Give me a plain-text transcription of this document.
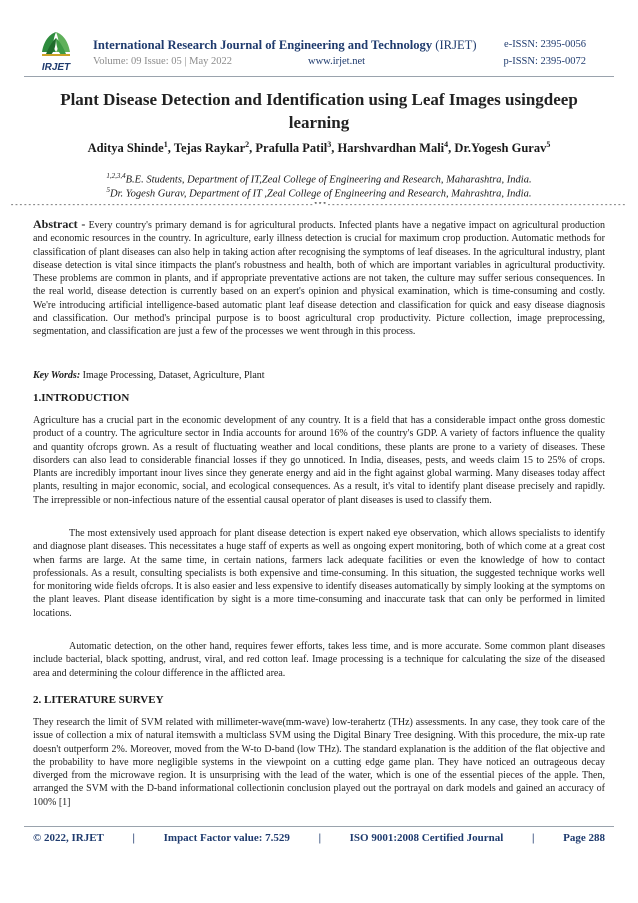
IRJET
International Research Journal of Engineering and Technology (IRJET)	e-ISSN: 2395-0056
Volume: 09 Issue: 05 | May 2022	www.irjet.net	p-ISSN: 2395-0072
Plant Disease Detection and Identification using Leaf Images usingdeep learning
Aditya Shinde$^1$, Tejas Raykar$^2$, Prafulla Patil$^3$, Harshvardhan Mali$^4$, Dr.Yogesh Gurav$^5$
$^{1,2,3,4}$B.E. Students, Department of IT,Zeal College of Engineering and Research, Maharashtra, India.
$^5$Dr. Yogesh Gurav, Department of IT ,Zeal College of Engineering and Research, Mahrashtra, India.
---------------------------------------------------------------------***--------------------------------------------------------------------
Abstract - Every country's primary demand is for agricultural products. Infected plants have a negative impact on agricultural production and economic resources in the country. In agriculture, early illness detection is crucial for maximum crop production. Automatic methods for classification of plant diseases can also help in taking action after recognising the symptoms of leaf diseases. In the agricultural industry, plant disease detection is vital since itimpacts the plant's robustness and health, both of which are important variables in agricultural productivity. These problems are common in plants, and if appropriate preventative actions are not taken, the culture may suffer serious consequences. In the real world, disease detection is currently based on an expert's opinion and physical examination, which is time-consuming and costly. We're introducing artificial intelligence-based automatic plant leaf disease detection and classification for quick and easy disease diagnosis and classification. Our method's principal purpose is to boost agricultural crop productivity. Picture collection, image preprocessing, segmentation, and classification are just a few of the processes we went through in this process.
Key Words: Image Processing, Dataset, Agriculture, Plant
1.INTRODUCTION
Agriculture has a crucial part in the economic development of any country. It is a field that has a considerable impact onthe gross domestic product of a country. The agriculture sector in India accounts for around 16% of the country's GDP. A variety of factors influence the quality and quantity ofcrops grown. As a result of fluctuating weather and local conditions, these plants are prone to a variety of diseases. These disorders can also lead to considerable financial losses if they go unnoticed. In India, diseases, pests, and weeds claim 15 to 25% of crops. Plants are incredibly important inour lives since they generate energy and aid in the fight against global warming. Many diseases today affect plants, resulting in major economic, social, and ecological consequences. As a result, it's vital to identify plant disease precisely and rapidly. The irrepressible or non-infectious nature of the essential causal operator of plant diseases is used to classify them.
The most extensively used approach for plant disease detection is expert naked eye observation, which allows specialists to identify and diagnose plant diseases. This necessitates a huge staff of experts as well as ongoing expert monitoring, both of which come at a great cost when farms are large. At the same time, in certain nations, farmers lack adequate facilities or even the knowledge of how to contact professionals. As a result, consulting specialists is both expensive and time-consuming. In this situation, the suggested technique works well for monitoring wide fields ofcrops. It is also easier and less expensive to identify diseases automatically by simply looking at the symptoms on the plant leaves. Plant disease identification by sight is a more time-consuming and inaccurate task that can only be performed in limited locations.
Automatic detection, on the other hand, requires fewer efforts, takes less time, and is more accurate. Some common plant diseases include bacterial, black spotting, andrust, viral, and red cotton leaf. Image processing is a technique for calculating the size of the diseased area and determining the colour difference in the afflicted area.
2. LITERATURE SURVEY
They research the limit of SVM related with millimeter-wave(mm-wave) low-terahertz (THz) assessments. In any case, they took care of the issue of collection a mix of natural itemswith a multiclass SVM using the Digital Binary Tree designing. With this procedure, the mix-up rate doesn't outperform 2%. Moreover, moved from the W-to D-band (low THz). The standard explanation is the addition of the flat objective and the probability to have more negligible systems in the viewpoint on a cutting edge game plan. They have noticed an outrageous decay diverged from the microwave region. It is unsurprising with the lead of the water, which is one of the essential pieces of the apple. Then, arranged the SVM with the D-band informational collectionin conclusion played out the portrayal on dark models and gained an accuracy of 100% [1]
© 2022, IRJET	|	Impact Factor value: 7.529	|	ISO 9001:2008 Certified Journal	|	Page 288
